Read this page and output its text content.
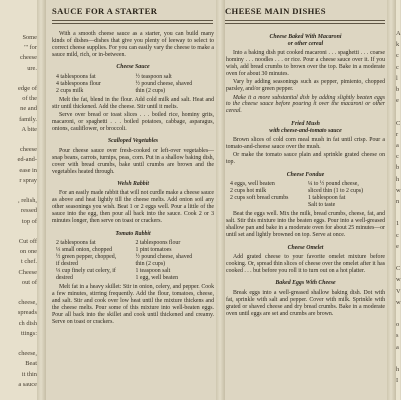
Some
'" for
cheese
ure.
edge of
of the
ne and
family.
A bite
cheese
ed-and-
ease in
r spray
, relish,
ressed
top of
Cut off
on one
t chef.
Cheese
out of
cheese,
spreads
ch dish
ttings:
cheese,
Beat
it thin
a sauce
SAUCE FOR A STARTER

With a smooth cheese sauce as a starter, you can build many kinds of dishes—dishes that give you plenty of leeway to select to correct cheese supplies. For you can easily vary the cheese to make a sauce mild, rich, or in-between.

Cheese Sauce
4 tablespoons fat
4 tablespoons flour
2 cups milk
½ teaspoon salt
½ pound cheese, shaved
thin (2 cups)

Melt the fat, blend in the flour. Add cold milk and salt. Heat and stir until thickened. Add the cheese. Stir until it melts.

Serve over bread or toast slices . . . boiled rice, hominy grits, macaroni, or spaghetti . . . boiled potatoes, cabbage, asparagus, onions, cauliflower, or broccoli.

Scalloped Vegetables

Pour cheese sauce over fresh-cooked or left-over vegetables—snap beans, carrots, turnips, peas, corn. Put in a shallow baking dish, cover with bread crumbs, bake until crumbs are brown and the vegetables heated through.

Welsh Rabbit

For an easily made rabbit that will not curdle make a cheese sauce as above and heat lightly till the cheese melts. Add onion soil any other seasonings you wish. Beat 1 or 2 eggs well. Pour a little of the sauce into the egg, then pour all back into the sauce. Cook 2 or 3 minutes longer, then serve on toast or crackers.

Tomato Rabbit
2 tablespoons fat
⅓ small onion, chopped
½ green pepper, chopped,
if desired
⅓ cup finely cut celery, if
desired
2 tablespoons flour
1 pint tomatoes
½ pound cheese, shaved
thin (2 cups)
1 teaspoon salt
1 egg, well beaten

Melt fat in a heavy skillet: Stir in onion, celery, and pepper. Cook a few minutes, stirring frequently. Add the flour, tomatoes, cheese, and salt. Stir and cook over low heat until the mixture thickens and the cheese melts. Pour some of this mixture into well-beaten eggs. Pour all back into the skillet and cook until thickened and creamy. Serve on toast or crackers.

CHEESE MAIN DISHES
Cheese Baked With Macaroni
or other cereal

Into a baking dish put cooked macaroni . . . spaghetti . . . coarse hominy . . . noodles . . . or rice. Pour a cheese sauce over it. If you wish, add bread crumbs to brown over the top. Bake in a moderate oven for about 30 minutes.

Vary by adding seasonings such as pepper, pimiento, chopped parsley, and/or green pepper.

Make it a more substantial dish by adding slightly beaten eggs to the cheese sauce before pouring it over the macaroni or other cereal.

Fried Mush
with cheese-and-tomato sauce

Brown slices of cold corn meal mush in fat until crisp. Pour a tomato-and-cheese sauce over the mush.

Or make the tomato sauce plain and sprinkle grated cheese on top.

Cheese Fondue
4 eggs, well beaten
2 cups hot milk
2 cups soft bread crumbs
¼ to ½ pound cheese,
sliced thin (1 to 2 cups)
1 tablespoon fat
Salt to taste

Beat the eggs well. Mix the milk, bread crumbs, cheese, fat, and salt. Stir this mixture into the beaten eggs. Pour into a well-greased shallow pan and bake in a moderate oven for about 25 minutes—or until set and lightly browned on top. Serve at once.

Cheese Omelet

Add grated cheese to your favorite omelet mixture before cooking. Or, spread thin slices of cheese over the omelet after it has cooked . . . but before you roll it to turn out on a hot platter.

Baked Eggs With Cheese

Break eggs into a well-greased shallow baking dish. Dot with fat, sprinkle with salt and pepper. Cover with milk. Sprinkle with grated or shaved cheese and dry bread crumbs. Bake in a moderate oven until eggs are set and crumbs are brown.

A
k
c
c
l
b
e
C
r
a
c
b
h
w
n
1
c
e
C
w
V
w
o
s
a
h
I
